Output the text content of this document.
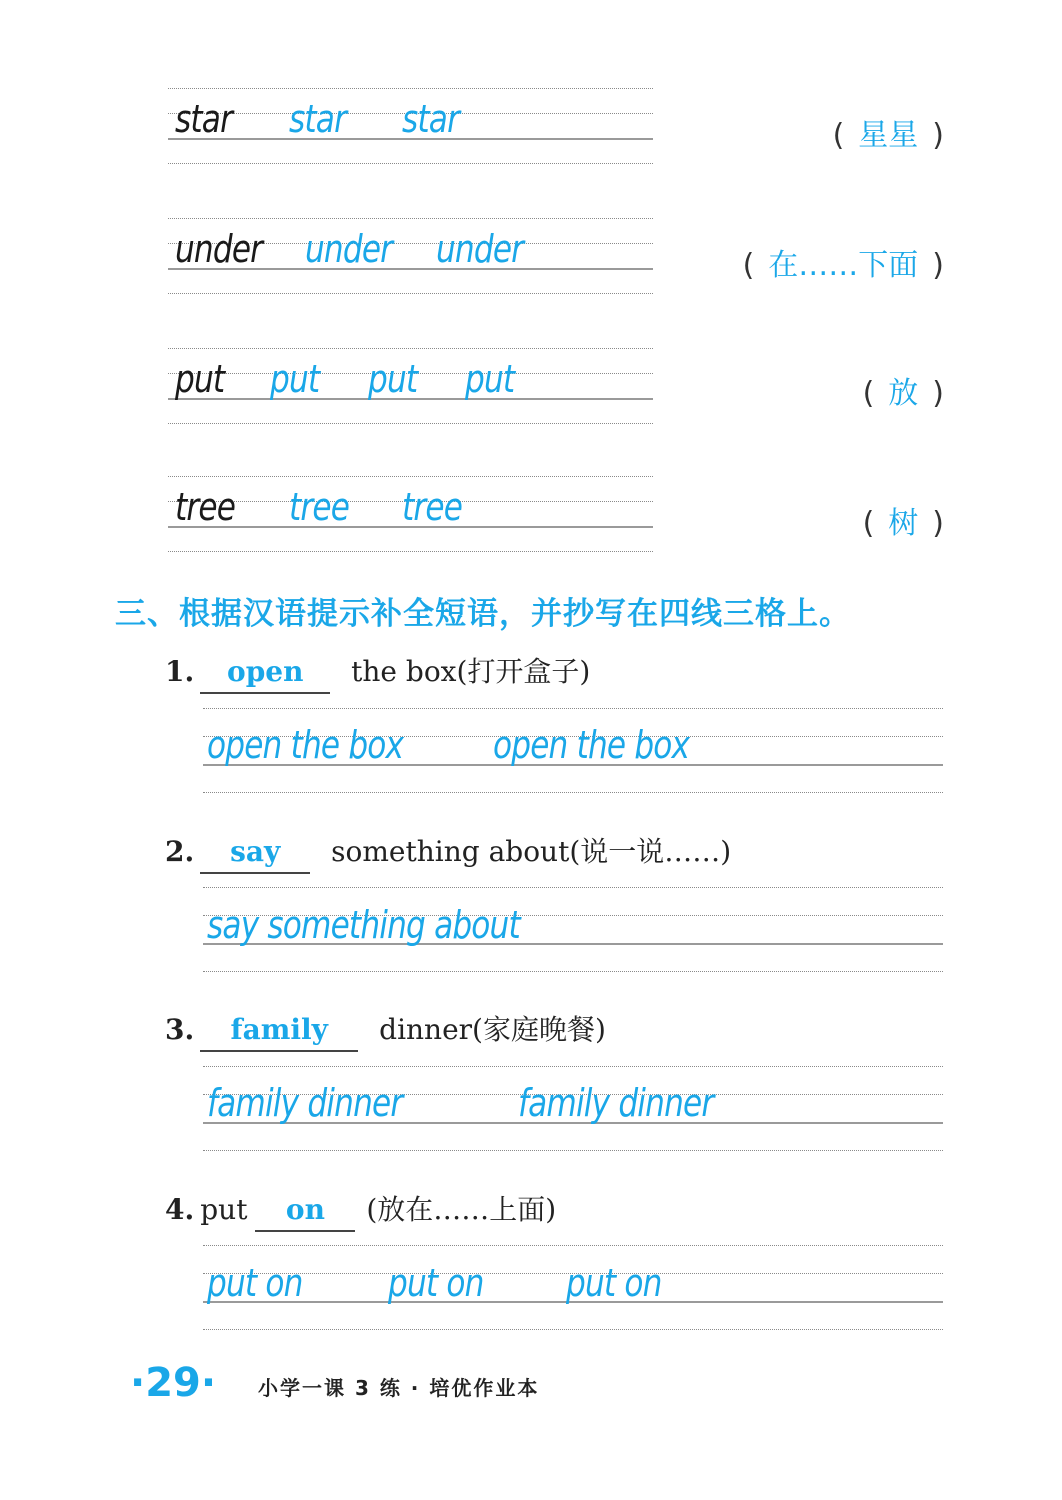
star star star	( 星星 )
under under under	( 在……下面 )
put put put put	( 放 )
tree tree tree	( 树 )
三、根据汉语提示补全短语，并抄写在四线三格上。
1. open the box(打开盒子)
open the box open the box
2. say something about(说一说……)
say something about
3. family dinner(家庭晚餐)
family dinner	family dinner
4. put on (放在……上面)
put on put on put on
·29· 小学一课 3 练 · 培优作业本
